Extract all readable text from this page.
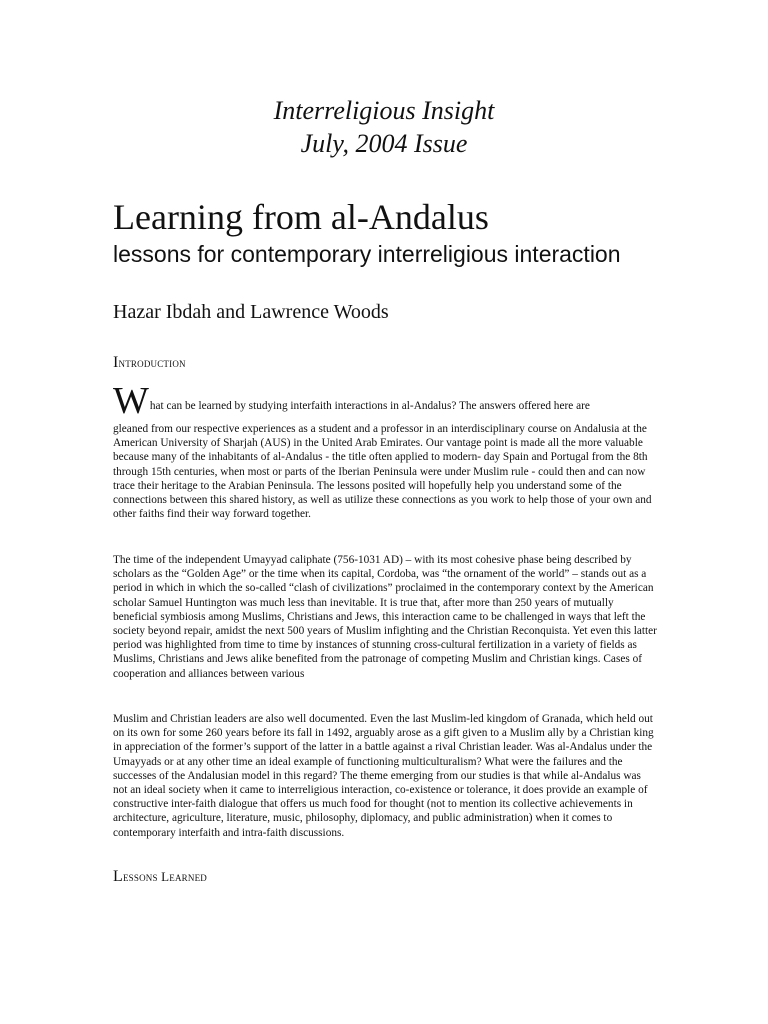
Interreligious Insight
July, 2004 Issue
Learning from al-Andalus
lessons for contemporary interreligious interaction

Hazar Ibdah and Lawrence Woods

Introduction

What can be learned by studying interfaith interactions in al-Andalus? The answers offered here are
gleaned from our respective experiences as a student and a professor in an interdisciplinary course on Andalusia at the American University of Sharjah (AUS) in the United Arab Emirates. Our vantage point is made all the more valuable because many of the inhabitants of al-Andalus - the title often applied to modern- day Spain and Portugal from the 8th through 15th centuries, when most or parts of the Iberian Peninsula were under Muslim rule - could then and can now trace their heritage to the Arabian Peninsula. The lessons posited will hopefully help you understand some of the connections between this shared history, as well as utilize these connections as you work to help those of your own and other faiths find their way forward together.

The time of the independent Umayyad caliphate (756-1031 AD) – with its most cohesive phase being described by scholars as the “Golden Age” or the time when its capital, Cordoba, was “the ornament of the world” – stands out as a period in which in which the so-called “clash of civilizations” proclaimed in the contemporary context by the American scholar Samuel Huntington was much less than inevitable. It is true that, after more than 250 years of mutually beneficial symbiosis among Muslims, Christians and Jews, this interaction came to be challenged in ways that left the society beyond repair, amidst the next 500 years of Muslim infighting and the Christian Reconquista. Yet even this latter period was highlighted from time to time by instances of stunning cross-cultural fertilization in a variety of fields as Muslims, Christians and Jews alike benefited from the patronage of competing Muslim and Christian kings. Cases of cooperation and alliances between various

Muslim and Christian leaders are also well documented. Even the last Muslim-led kingdom of Granada, which held out on its own for some 260 years before its fall in 1492, arguably arose as a gift given to a Muslim ally by a Christian king in appreciation of the former’s support of the latter in a battle against a rival Christian leader. Was al-Andalus under the Umayyads or at any other time an ideal example of functioning multiculturalism? What were the failures and the successes of the Andalusian model in this regard? The theme emerging from our studies is that while al-Andalus was not an ideal society when it came to interreligious interaction, co-existence or tolerance, it does provide an example of constructive inter-faith dialogue that offers us much food for thought (not to mention its collective achievements in architecture, agriculture, literature, music, philosophy, diplomacy, and public administration) when it comes to contemporary interfaith and intra-faith discussions.

Lessons Learned
